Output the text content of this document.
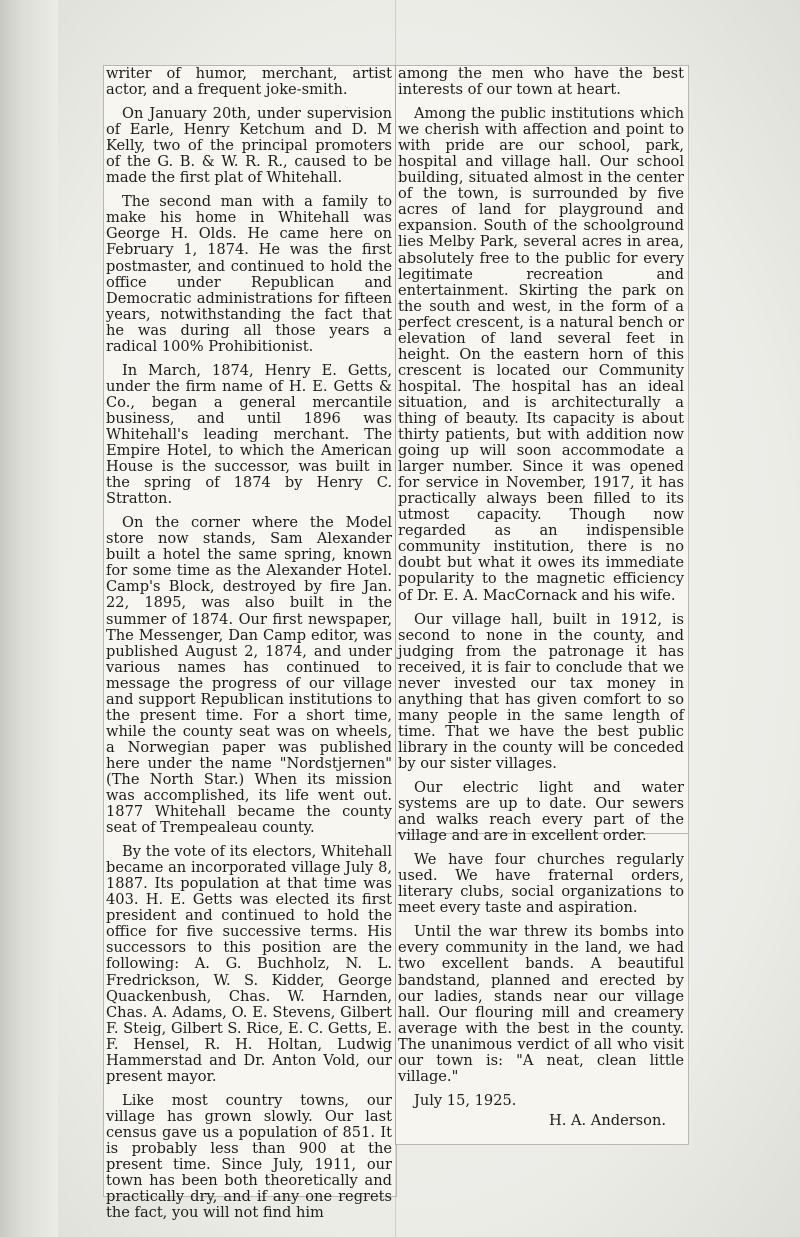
writer of humor, merchant, artist actor, and a frequent joke-smith.

On January 20th, under supervision of Earle, Henry Ketchum and D. M Kelly, two of the principal promoters of the G. B. & W. R. R., caused to be made the first plat of Whitehall.

The second man with a family to make his home in Whitehall was George H. Olds. He came here on February 1, 1874. He was the first postmaster, and continued to hold the office under Republican and Democratic administrations for fifteen years, notwithstanding the fact that he was during all those years a radical 100% Prohibitionist.

In March, 1874, Henry E. Getts, under the firm name of H. E. Getts & Co., began a general mercantile business, and until 1896 was Whitehall's leading merchant. The Empire Hotel, to which the American House is the successor, was built in the spring of 1874 by Henry C. Stratton.

On the corner where the Model store now stands, Sam Alexander built a hotel the same spring, known for some time as the Alexander Hotel. Camp's Block, destroyed by fire Jan. 22, 1895, was also built in the summer of 1874. Our first newspaper, The Messenger, Dan Camp editor, was published August 2, 1874, and under various names has continued to message the progress of our village and support Republican institutions to the present time. For a short time, while the county seat was on wheels, a Norwegian paper was published here under the name "Nordstjernen" (The North Star.) When its mission was accomplished, its life went out. 1877 Whitehall became the county seat of Trempealeau county.

By the vote of its electors, Whitehall became an incorporated village July 8, 1887. Its population at that time was 403. H. E. Getts was elected its first president and continued to hold the office for five successive terms. His successors to this position are the following: A. G. Buchholz, N. L. Fredrickson, W. S. Kidder, George Quackenbush, Chas. W. Harnden, Chas. A. Adams, O. E. Stevens, Gilbert F. Steig, Gilbert S. Rice, E. C. Getts, E. F. Hensel, R. H. Holtan, Ludwig Hammerstad and Dr. Anton Vold, our present mayor.

Like most country towns, our village has grown slowly. Our last census gave us a population of 851. It is probably less than 900 at the present time. Since July, 1911, our town has been both theoretically and practically dry, and if any one regrets the fact, you will not find him

among the men who have the best interests of our town at heart.

Among the public institutions which we cherish with affection and point to with pride are our school, park, hospital and village hall. Our school building, situated almost in the center of the town, is surrounded by five acres of land for playground and expansion. South of the schoolground lies Melby Park, several acres in area, absolutely free to the public for every legitimate recreation and entertainment. Skirting the park on the south and west, in the form of a perfect crescent, is a natural bench or elevation of land several feet in height. On the eastern horn of this crescent is located our Community hospital. The hospital has an ideal situation, and is architecturally a thing of beauty. Its capacity is about thirty patients, but with addition now going up will soon accommodate a larger number. Since it was opened for service in November, 1917, it has practically always been filled to its utmost capacity. Though now regarded as an indispensible community institution, there is no doubt but what it owes its immediate popularity to the magnetic efficiency of Dr. E. A. MacCornack and his wife.

Our village hall, built in 1912, is second to none in the county, and judging from the patronage it has received, it is fair to conclude that we never invested our tax money in anything that has given comfort to so many people in the same length of time. That we have the best public library in the county will be conceded by our sister villages.

Our electric light and water systems are up to date. Our sewers and walks reach every part of the village and are in excellent order.

We have four churches regularly used. We have fraternal orders, literary clubs, social organizations to meet every taste and aspiration.

Until the war threw its bombs into every community in the land, we had two excellent bands. A beautiful bandstand, planned and erected by our ladies, stands near our village hall. Our flouring mill and creamery average with the best in the county. The unanimous verdict of all who visit our town is: "A neat, clean little village."

July 15, 1925.

H. A. Anderson.
